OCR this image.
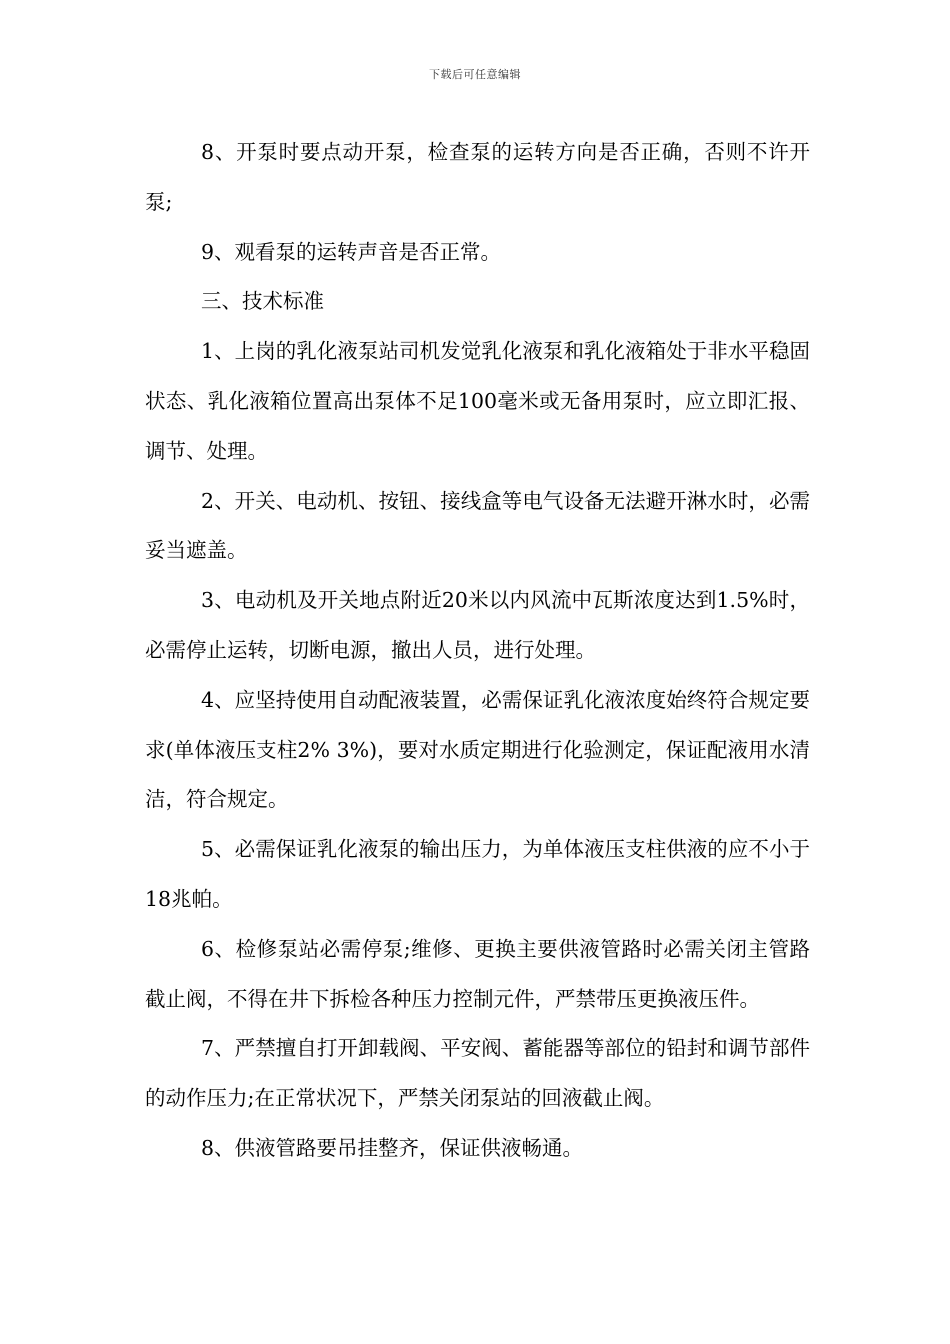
下载后可任意编辑

8、开泵时要点动开泵，检查泵的运转方向是否正确，否则不许开泵;

9、观看泵的运转声音是否正常。

三、技术标准

1、上岗的乳化液泵站司机发觉乳化液泵和乳化液箱处于非水平稳固状态、乳化液箱位置高出泵体不足100毫米或无备用泵时，应立即汇报、调节、处理。

2、开关、电动机、按钮、接线盒等电气设备无法避开淋水时，必需妥当遮盖。

3、电动机及开关地点附近20米以内风流中瓦斯浓度达到1.5%时，必需停止运转，切断电源，撤出人员，进行处理。

4、应坚持使用自动配液装置，必需保证乳化液浓度始终符合规定要求(单体液压支柱2% 3%)，要对水质定期进行化验测定，保证配液用水清洁，符合规定。

5、必需保证乳化液泵的输出压力，为单体液压支柱供液的应不小于18兆帕。

6、检修泵站必需停泵;维修、更换主要供液管路时必需关闭主管路截止阀，不得在井下拆检各种压力控制元件，严禁带压更换液压件。

7、严禁擅自打开卸载阀、平安阀、蓄能器等部位的铅封和调节部件的动作压力;在正常状况下，严禁关闭泵站的回液截止阀。

8、供液管路要吊挂整齐，保证供液畅通。
